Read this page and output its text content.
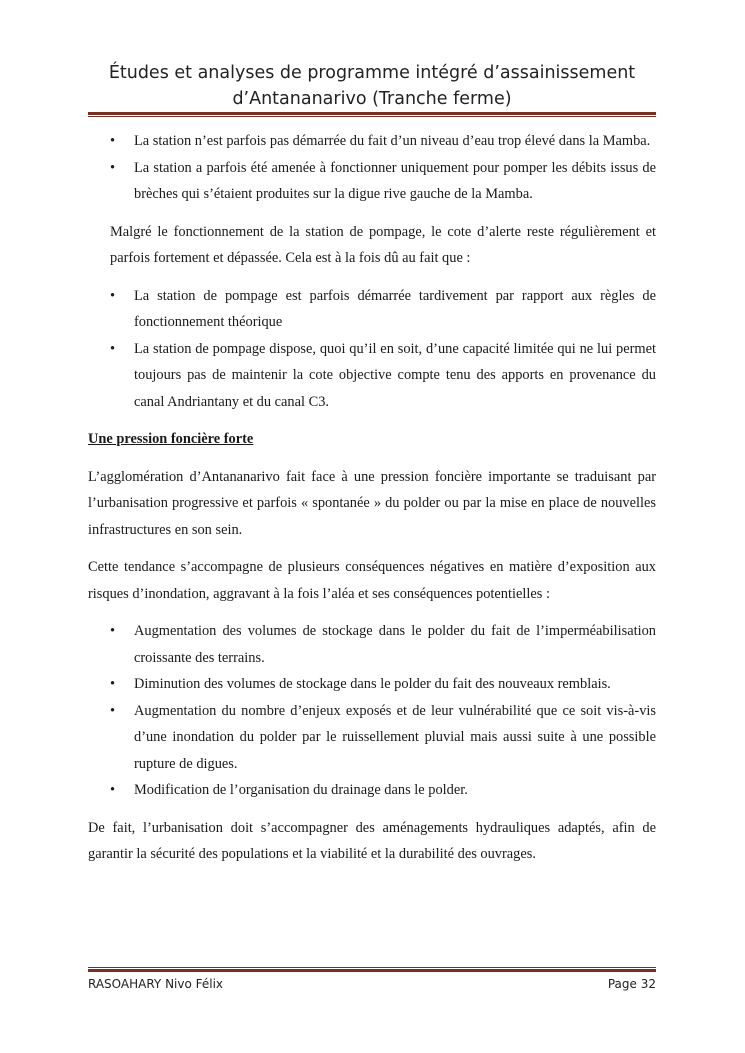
Études et analyses de programme intégré d’assainissement
d’Antananarivo (Tranche ferme)
• La station n’est parfois pas démarrée du fait d’un niveau d’eau trop élevé dans la Mamba.
• La station a parfois été amenée à fonctionner uniquement pour pomper les débits issus de brèches qui s’étaient produites sur la digue rive gauche de la Mamba.

Malgré le fonctionnement de la station de pompage, le cote d’alerte reste régulièrement et parfois fortement et dépassée. Cela est à la fois dû au fait que :

• La station de pompage est parfois démarrée tardivement par rapport aux règles de fonctionnement théorique
• La station de pompage dispose, quoi qu’il en soit, d’une capacité limitée qui ne lui permet toujours pas de maintenir la cote objective compte tenu des apports en provenance du canal Andriantany et du canal C3.

Une pression foncière forte

L’agglomération d’Antananarivo fait face à une pression foncière importante se traduisant par l’urbanisation progressive et parfois « spontanée » du polder ou par la mise en place de nouvelles infrastructures en son sein.

Cette tendance s’accompagne de plusieurs conséquences négatives en matière d’exposition aux risques d’inondation, aggravant à la fois l’aléa et ses conséquences potentielles :

• Augmentation des volumes de stockage dans le polder du fait de l’imperméabilisation croissante des terrains.
• Diminution des volumes de stockage dans le polder du fait des nouveaux remblais.
• Augmentation du nombre d’enjeux exposés et de leur vulnérabilité que ce soit vis-à-vis d’une inondation du polder par le ruissellement pluvial mais aussi suite à une possible rupture de digues.
• Modification de l’organisation du drainage dans le polder.

De fait, l’urbanisation doit s’accompagner des aménagements hydrauliques adaptés, afin de garantir la sécurité des populations et la viabilité et la durabilité des ouvrages.

RASOAHARY Nivo Félix	Page 32
